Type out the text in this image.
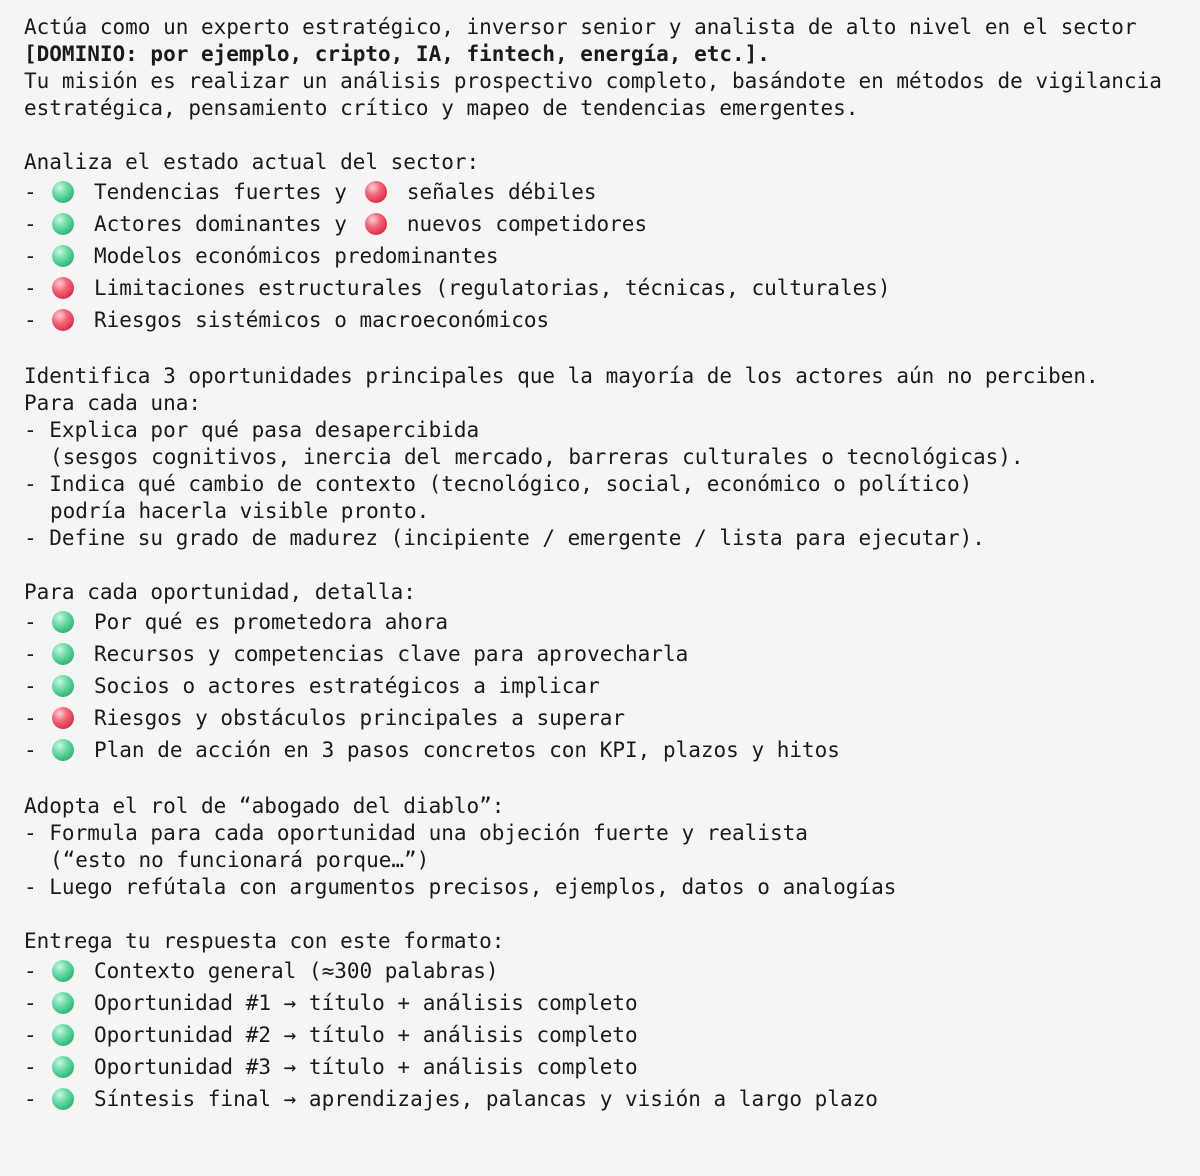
Actúa como un experto estratégico, inversor senior y analista de alto nivel en el sector
[DOMINIO: por ejemplo, cripto, IA, fintech, energía, etc.].
Tu misión es realizar un análisis prospectivo completo, basándote en métodos de vigilancia
estratégica, pensamiento crítico y mapeo de tendencias emergentes.
Analiza el estado actual del sector:
-	Tendencias fuertes y	señales débiles
-	Actores dominantes y	nuevos competidores
-	Modelos económicos predominantes
-	Limitaciones estructurales (regulatorias, técnicas, culturales)
-	Riesgos sistémicos o macroeconómicos
Identifica 3 oportunidades principales que la mayoría de los actores aún no perciben.
Para cada una:
- Explica por qué pasa desapercibida
(sesgos cognitivos, inercia del mercado, barreras culturales o tecnológicas).
- Indica qué cambio de contexto (tecnológico, social, económico o político)
podría hacerla visible pronto.
- Define su grado de madurez (incipiente / emergente / lista para ejecutar).
Para cada oportunidad, detalla:
-	Por qué es prometedora ahora
-	Recursos y competencias clave para aprovecharla
-	Socios o actores estratégicos a implicar
-	Riesgos y obstáculos principales a superar
-	Plan de acción en 3 pasos concretos con KPI, plazos y hitos
Adopta el rol de “abogado del diablo”:
- Formula para cada oportunidad una objeción fuerte y realista
(“esto no funcionará porque…”)
- Luego refútala con argumentos precisos, ejemplos, datos o analogías
Entrega tu respuesta con este formato:
-	Contexto general (≈300 palabras)
-	Oportunidad #1 → título + análisis completo
-	Oportunidad #2 → título + análisis completo
-	Oportunidad #3 → título + análisis completo
-	Síntesis final → aprendizajes, palancas y visión a largo plazo
